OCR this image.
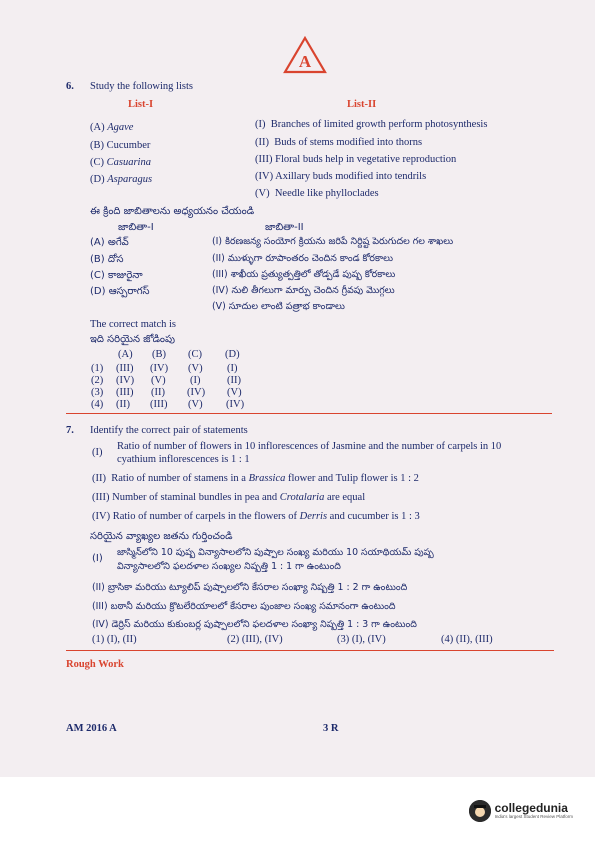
A
6. Study the following lists
List-I	List-II
(A) Agave
(B) Cucumber
(C) Casuarina
(D) Asparagus
(I) Branches of limited growth perform photosynthesis
(II) Buds of stems modified into thorns
(III) Floral buds help in vegetative reproduction
(IV) Axillary buds modified into tendrils
(V) Needle like phylloclades
ఈ క్రింది జాబితాలను అధ్యయనం చేయండి
జాబితా-I	జాబితా-II
(A) అగేవ్
(B) దోస
(C) కాజురైనా
(D) ఆస్పరాగస్
(I) కిరణజన్య సంయోగ క్రియను జరిపే నిర్దిష్ట పెరుగుదల గల శాఖలు
(II) ముళ్ళుగా రూపాంతరం చెందిన కాండ కోరకాలు
(III) శాఖీయ ప్రత్యుత్పత్తిలో తోడ్పడే పుష్ప కోరకాలు
(IV) నులి తీగలుగా మార్పు చెందిన గ్రీవపు మొగ్గలు
(V) సూదుల లాంటి పత్రాభ కాండాలు
The correct match is
ఇది సరియైన జోడింపు
(A) (B) (C) (D)
(1) (III) (IV) (V) (I)
(2) (IV) (V) (I)	(II)
(3) (III) (II) (IV) (V)
(4) (II) (III) (V) (IV)
7. Identify the correct pair of statements
(I)
Ratio of number of flowers in 10 inflorescences of Jasmine and the number of carpels in 10
cyathium inflorescences is 1 : 1
(II) Ratio of number of stamens in a Brassica flower and Tulip flower is 1 : 2
(III) Number of staminal bundles in pea and Crotalaria are equal
(IV) Ratio of number of carpels in the flowers of Derris and cucumber is 1 : 3
సరియైన వ్యాఖ్యల జతను గుర్తించండి
(I)
జాస్మిన్‌లోని 10 పుష్ప విన్యాసాలలోని పుష్పాల సంఖ్య మరియు 10 సయాథియమ్ పుష్ప
విన్యాసాలలోని ఫలదళాల సంఖ్యల నిష్పత్తి 1 : 1 గా ఉంటుంది
(II) బ్రాసికా మరియు ట్యూలిప్ పుష్పాలలోని కేసరాల సంఖ్యా నిష్పత్తి 1 : 2 గా ఉంటుంది
(III) బఠానీ మరియు క్రొటలేరియాలలో కేసరాల పుంజాల సంఖ్య సమానంగా ఉంటుంది
(IV) డెర్రిస్ మరియు కుకుంబర్ల పుష్పాలలోని ఫలదళాల సంఖ్యా నిష్పత్తి 1 : 3 గా ఉంటుంది
(1) (I), (II)	(2) (III), (IV)	(3) (I), (IV)	(4) (II), (III)
Rough Work
AM 2016 A	3 R
collegedunia
India's largest Student Review Platform
